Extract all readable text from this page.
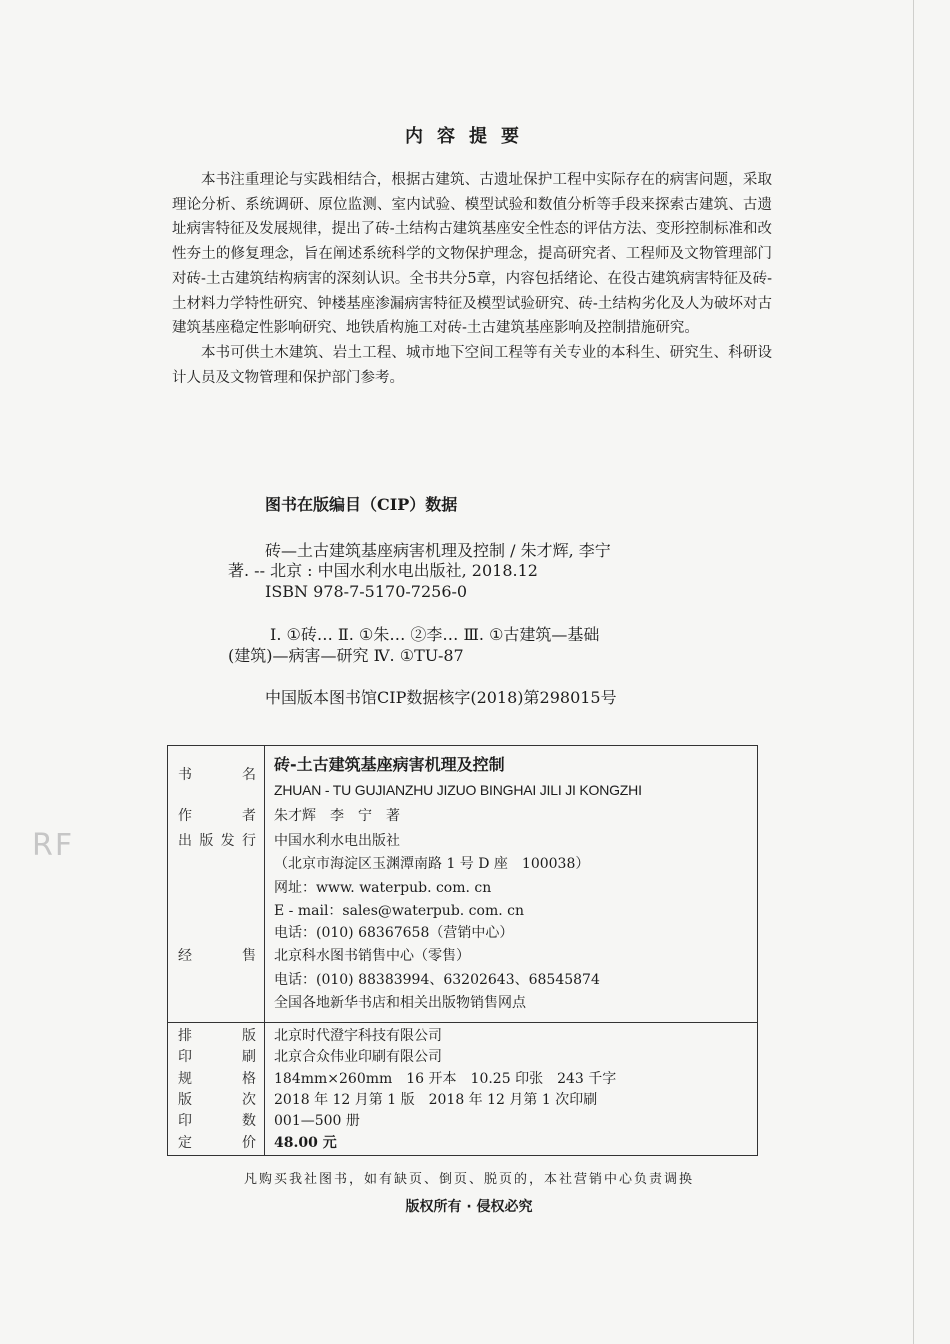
内容提要

本书注重理论与实践相结合，根据古建筑、古遗址保护工程中实际存在的病害问题，采取理论分析、系统调研、原位监测、室内试验、模型试验和数值分析等手段来探索古建筑、古遗址病害特征及发展规律，提出了砖-土结构古建筑基座安全性态的评估方法、变形控制标准和改性夯土的修复理念，旨在阐述系统科学的文物保护理念，提高研究者、工程师及文物管理部门对砖-土古建筑结构病害的深刻认识。全书共分5章，内容包括绪论、在役古建筑病害特征及砖-土材料力学特性研究、钟楼基座渗漏病害特征及模型试验研究、砖-土结构劣化及人为破坏对古建筑基座稳定性影响研究、地铁盾构施工对砖-土古建筑基座影响及控制措施研究。

本书可供土木建筑、岩土工程、城市地下空间工程等有关专业的本科生、研究生、科研设计人员及文物管理和保护部门参考。

图书在版编目（CIP）数据
砖—土古建筑基座病害机理及控制 / 朱才辉, 李宁
著. -- 北京 : 中国水利水电出版社, 2018.12
ISBN 978-7-5170-7256-0
Ⅰ. ①砖… Ⅱ. ①朱… ②李… Ⅲ. ①古建筑—基础
(建筑)—病害—研究 Ⅳ. ①TU-87
中国版本图书馆CIP数据核字(2018)第298015号
RF
书名
砖-土古建筑基座病害机理及控制
ZHUAN - TU GUJIANZHU JIZUO BINGHAI JILI JI KONGZHI
作者 朱才辉　李　宁　著
出版发行 中国水利水电出版社
（北京市海淀区玉渊潭南路 1 号 D 座　100038）
网址：www. waterpub. com. cn
E - mail：sales@waterpub. com. cn
电话：(010) 68367658（营销中心）
经售 北京科水图书销售中心（零售）
电话：(010) 88383994、63202643、68545874
全国各地新华书店和相关出版物销售网点
排版 北京时代澄宇科技有限公司
印刷 北京合众伟业印刷有限公司
规格 184mm×260mm　16 开本　10.25 印张　243 千字
版次 2018 年 12 月第 1 版　2018 年 12 月第 1 次印刷
印数 001—500 册
定价 48.00 元
凡购买我社图书，如有缺页、倒页、脱页的，本社营销中心负责调换
版权所有 · 侵权必究
